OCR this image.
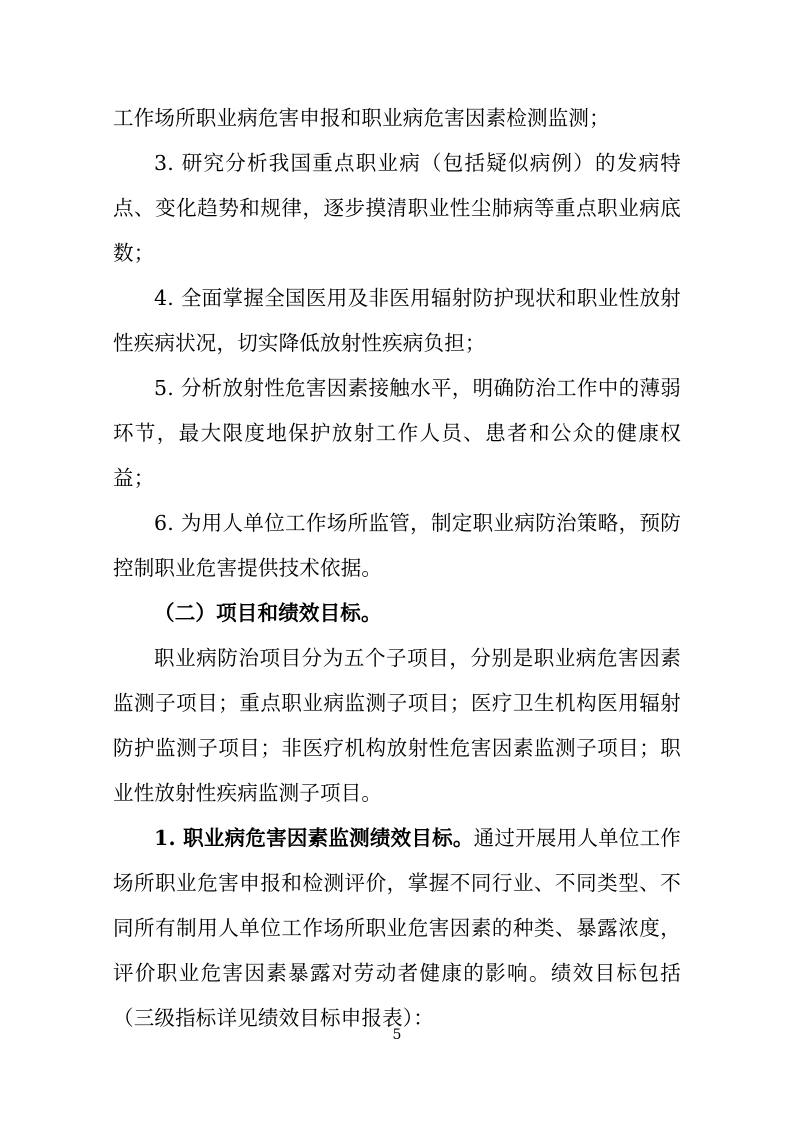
工作场所职业病危害申报和职业病危害因素检测监测；

3. 研究分析我国重点职业病（包括疑似病例）的发病特点、变化趋势和规律，逐步摸清职业性尘肺病等重点职业病底数；

4. 全面掌握全国医用及非医用辐射防护现状和职业性放射性疾病状况，切实降低放射性疾病负担；

5. 分析放射性危害因素接触水平，明确防治工作中的薄弱环节，最大限度地保护放射工作人员、患者和公众的健康权益；

6. 为用人单位工作场所监管，制定职业病防治策略，预防控制职业危害提供技术依据。

（二）项目和绩效目标。

职业病防治项目分为五个子项目，分别是职业病危害因素监测子项目；重点职业病监测子项目；医疗卫生机构医用辐射防护监测子项目；非医疗机构放射性危害因素监测子项目；职业性放射性疾病监测子项目。

1. 职业病危害因素监测绩效目标。通过开展用人单位工作场所职业危害申报和检测评价，掌握不同行业、不同类型、不同所有制用人单位工作场所职业危害因素的种类、暴露浓度，评价职业危害因素暴露对劳动者健康的影响。绩效目标包括（三级指标详见绩效目标申报表）：

5
